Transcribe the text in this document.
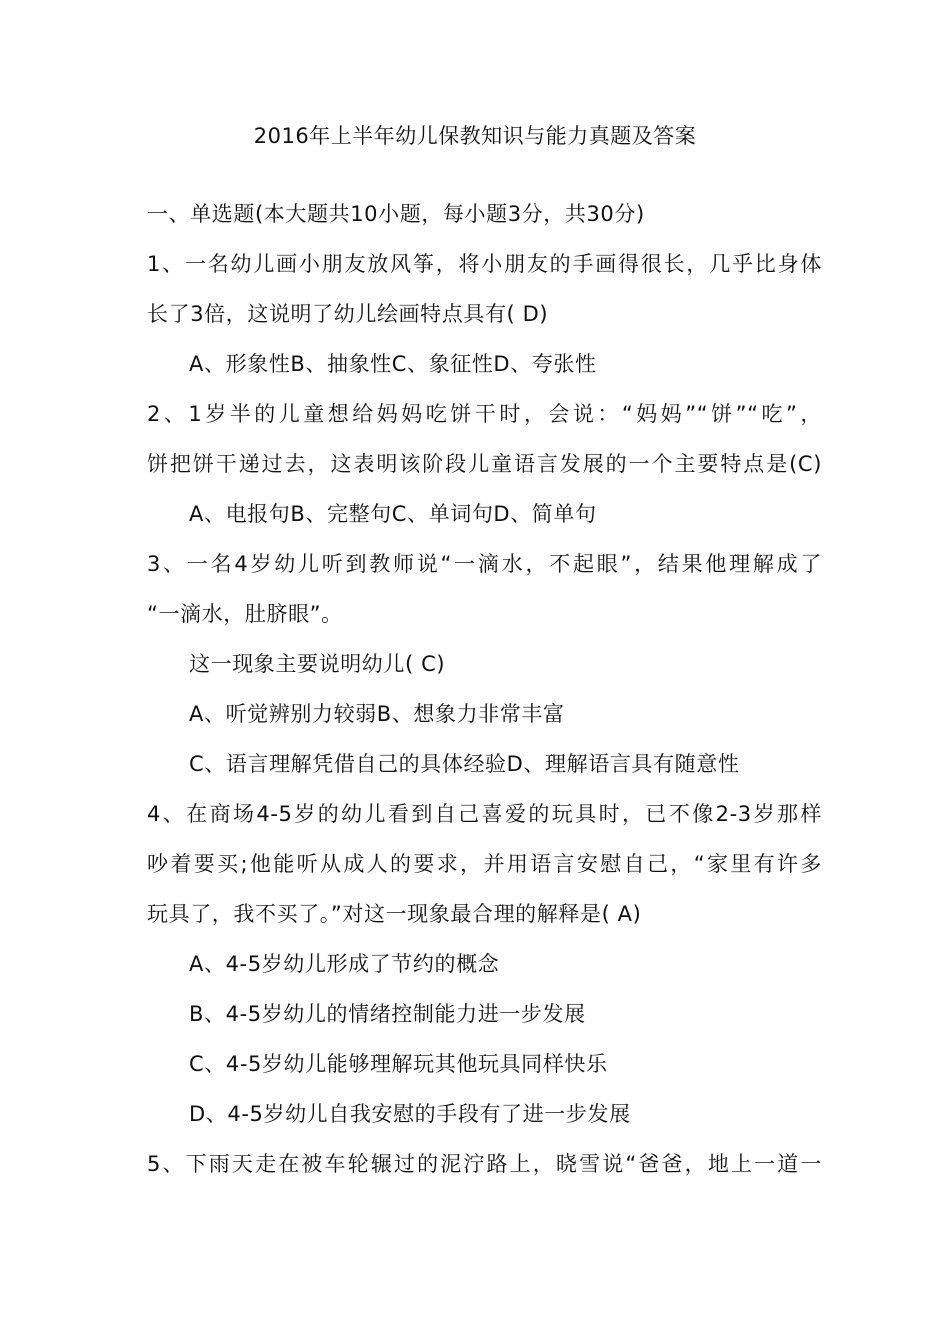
2016年上半年幼儿保教知识与能力真题及答案
一、单选题(本大题共10小题，每小题3分，共30分)
1、一名幼儿画小朋友放风筝，将小朋友的手画得很长，几乎比身体
长了3倍，这说明了幼儿绘画特点具有( D)
A、形象性B、抽象性C、象征性D、夸张性
2、1岁半的儿童想给妈妈吃饼干时，会说：“妈妈”“饼”“吃”，
饼把饼干递过去，这表明该阶段儿童语言发展的一个主要特点是(C)
A、电报句B、完整句C、单词句D、简单句
3、一名4岁幼儿听到教师说“一滴水，不起眼”，结果他理解成了
“一滴水，肚脐眼”。
这一现象主要说明幼儿( C)
A、听觉辨别力较弱B、想象力非常丰富
C、语言理解凭借自己的具体经验D、理解语言具有随意性
4、在商场4-5岁的幼儿看到自己喜爱的玩具时，已不像2-3岁那样
吵着要买;他能听从成人的要求，并用语言安慰自己，“家里有许多
玩具了，我不买了。”对这一现象最合理的解释是( A)
A、4-5岁幼儿形成了节约的概念
B、4-5岁幼儿的情绪控制能力进一步发展
C、4-5岁幼儿能够理解玩其他玩具同样快乐
D、4-5岁幼儿自我安慰的手段有了进一步发展
5、下雨天走在被车轮辗过的泥泞路上，晓雪说“爸爸，地上一道一
